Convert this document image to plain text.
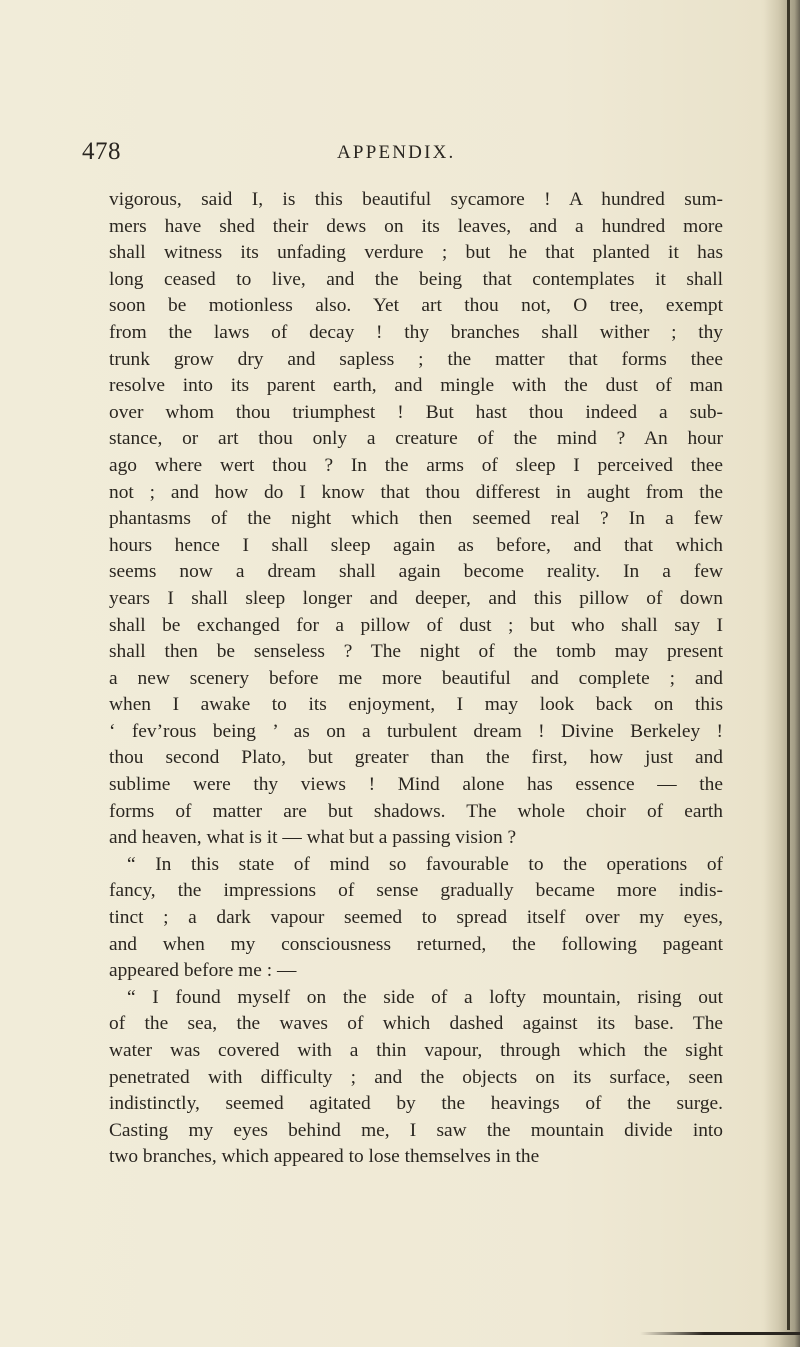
478	APPENDIX.
vigorous, said I, is this beautiful sycamore ! A hundred sum-
mers have shed their dews on its leaves, and a hundred more
shall witness its unfading verdure ; but he that planted it has
long ceased to live, and the being that contemplates it shall
soon be motionless also. Yet art thou not, O tree, exempt
from the laws of decay ! thy branches shall wither ; thy
trunk grow dry and sapless ; the matter that forms thee
resolve into its parent earth, and mingle with the dust of man
over whom thou triumphest ! But hast thou indeed a sub-
stance, or art thou only a creature of the mind ? An hour
ago where wert thou ? In the arms of sleep I perceived thee
not ; and how do I know that thou differest in aught from the
phantasms of the night which then seemed real ? In a few
hours hence I shall sleep again as before, and that which
seems now a dream shall again become reality. In a few
years I shall sleep longer and deeper, and this pillow of down
shall be exchanged for a pillow of dust ; but who shall say I
shall then be senseless ? The night of the tomb may present
a new scenery before me more beautiful and complete ; and
when I awake to its enjoyment, I may look back on this
‘ fev’rous being ’ as on a turbulent dream ! Divine Berkeley !
thou second Plato, but greater than the first, how just and
sublime were thy views ! Mind alone has essence — the
forms of matter are but shadows. The whole choir of earth
and heaven, what is it — what but a passing vision ?
“ In this state of mind so favourable to the operations of
fancy, the impressions of sense gradually became more indis-
tinct ; a dark vapour seemed to spread itself over my eyes,
and when my consciousness returned, the following pageant
appeared before me : —
“ I found myself on the side of a lofty mountain, rising out
of the sea, the waves of which dashed against its base. The
water was covered with a thin vapour, through which the sight
penetrated with difficulty ; and the objects on its surface, seen
indistinctly, seemed agitated by the heavings of the surge.
Casting my eyes behind me, I saw the mountain divide into
two branches, which appeared to lose themselves in the
